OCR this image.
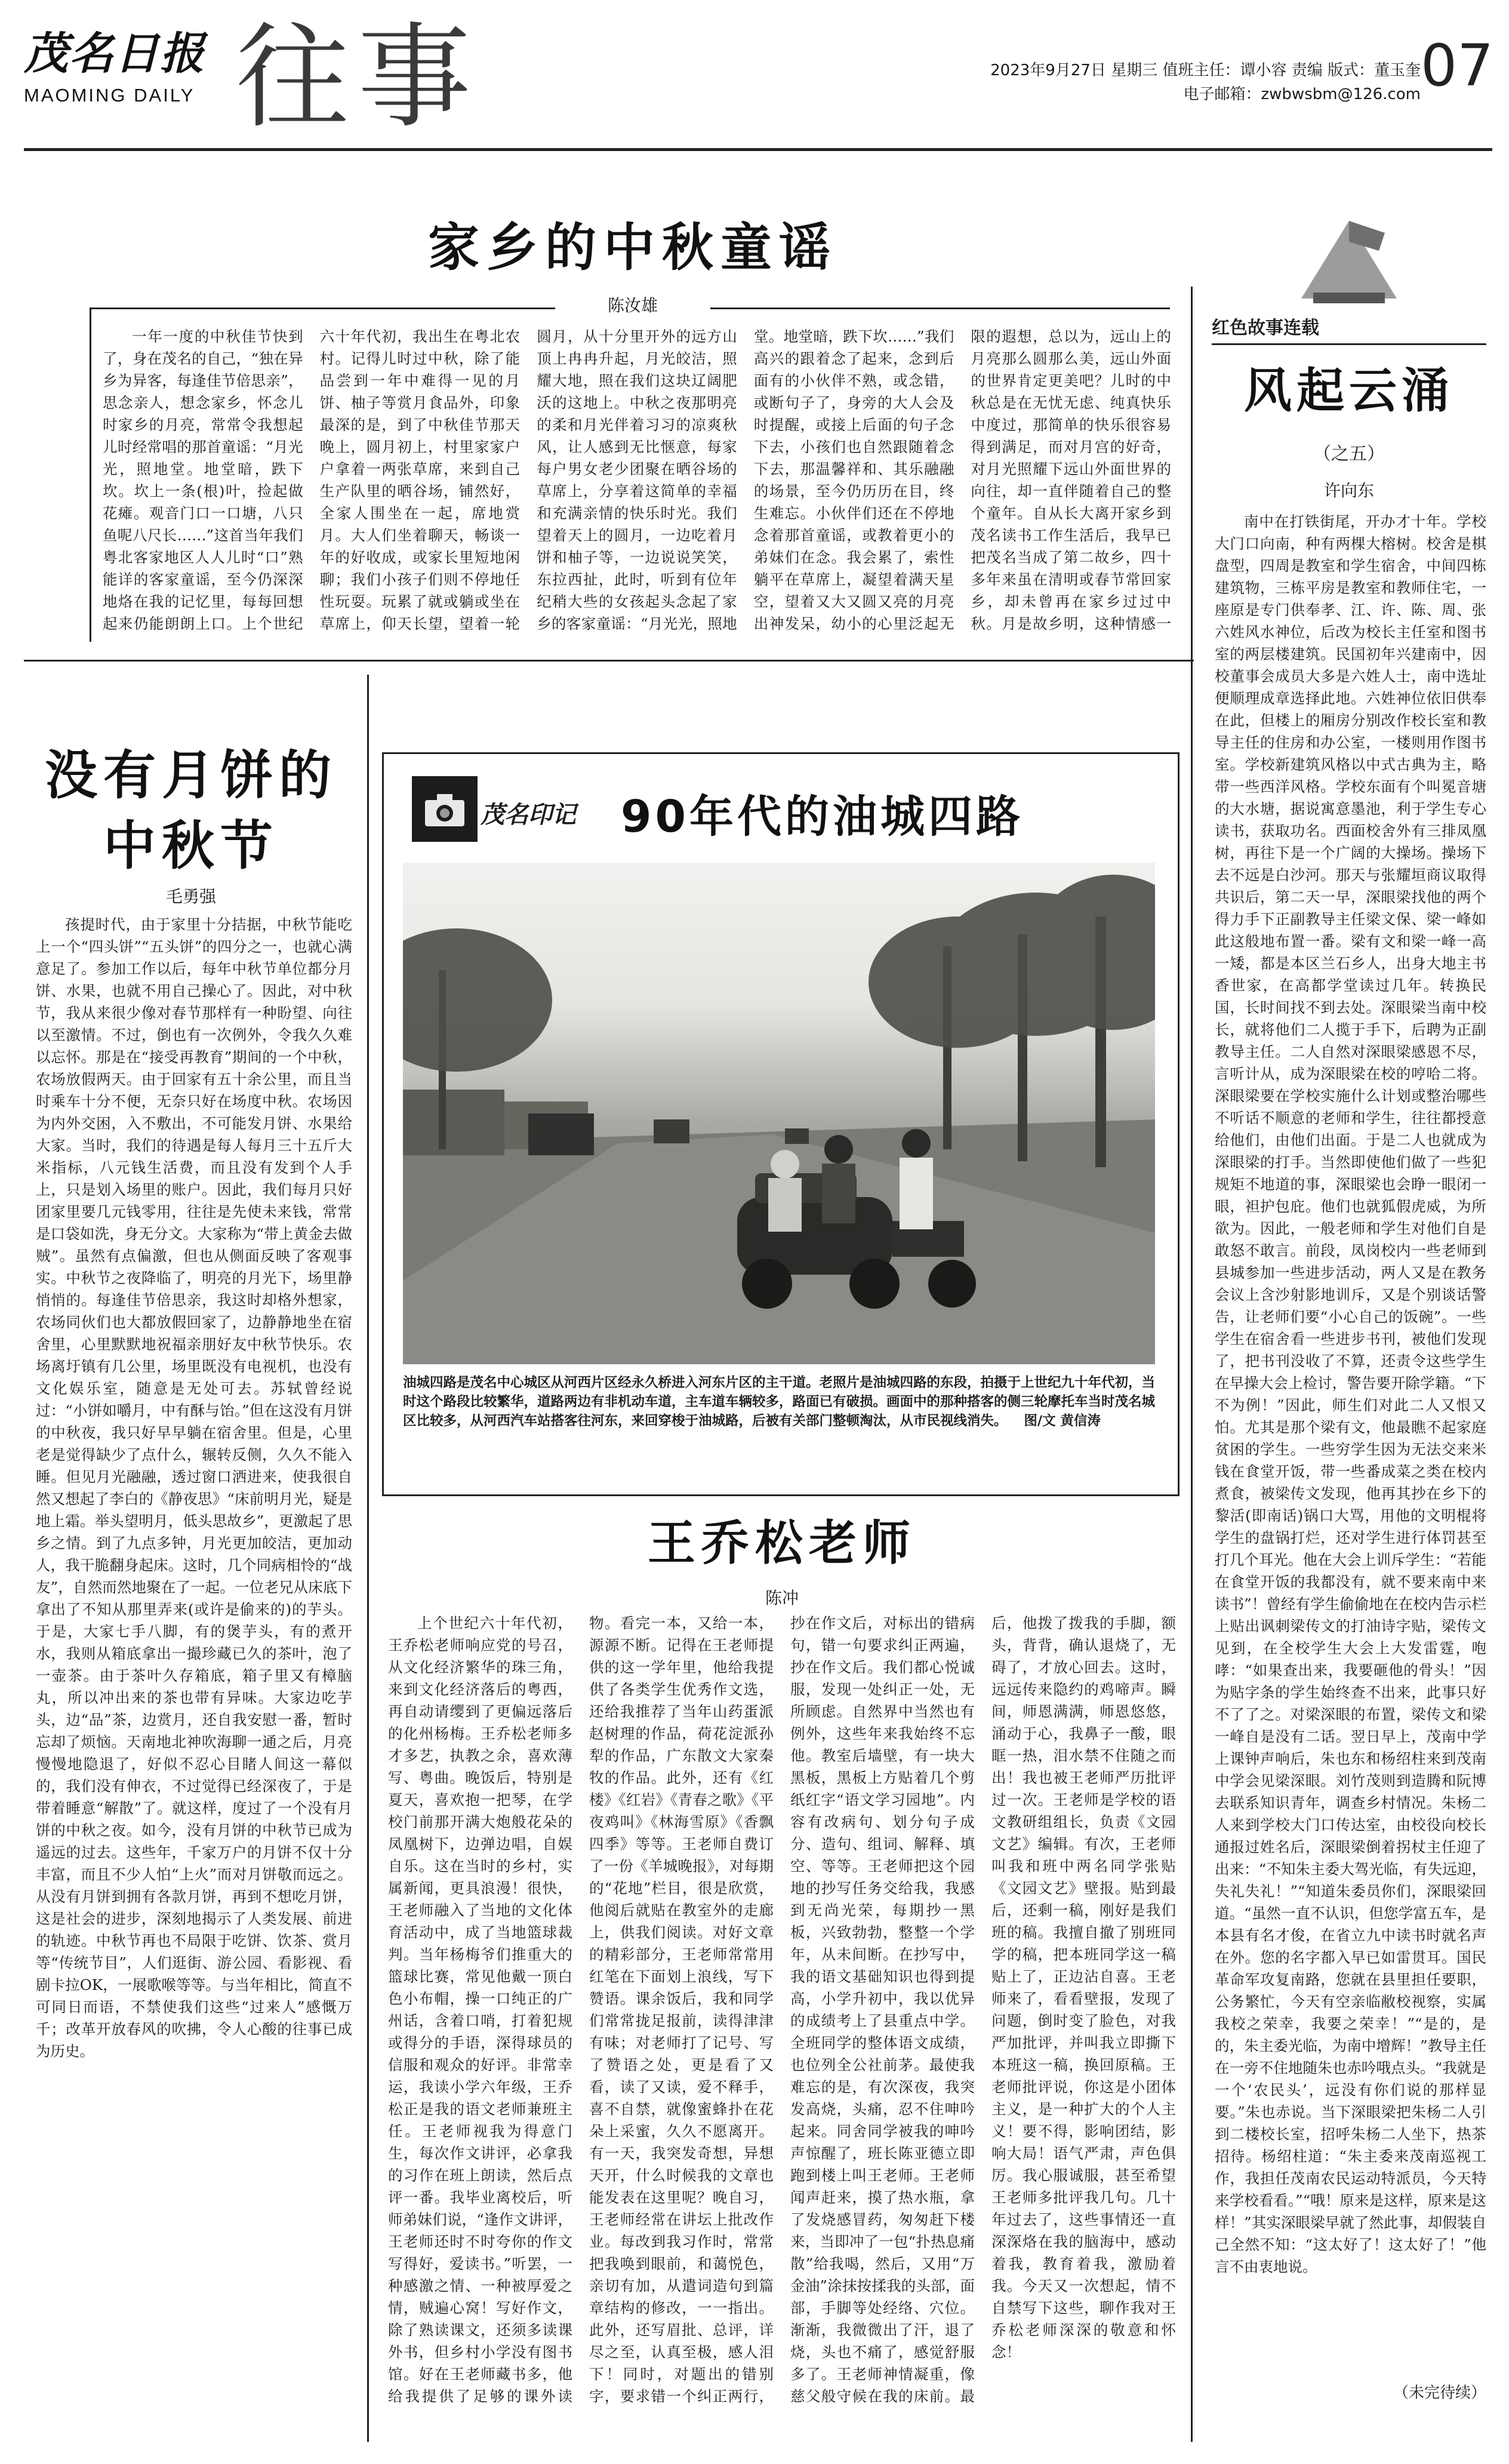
茂名日报
MAOMING DAILY 往事	2023年9月27日 星期三 值班主任：谭小容 责编 版式：董玉奎
电子邮箱：zwbwsbm@126.com 07
家乡的中秋童谣
陈汝雄

一年一度的中秋佳节快到了，身在茂名的自己，“独在异乡为异客，每逢佳节倍思亲”，思念亲人，想念家乡，怀念儿时家乡的月亮，常常令我想起儿时经常唱的那首童谣：“月光光，照地堂。地堂暗，跌下坎。坎上一条(根)叶，捡起做花瘫。观音门口一口塘，八只鱼呢八尺长……”这首当年我们粤北客家地区人人儿时“口”熟能详的客家童谣，至今仍深深地烙在我的记忆里，每每回想起来仍能朗朗上口。上个世纪六十年代初，我出生在粤北农村。记得儿时过中秋，除了能品尝到一年中难得一见的月饼、柚子等赏月食品外，印象最深的是，到了中秋佳节那天晚上，圆月初上，村里家家户户拿着一两张草席，来到自己生产队里的晒谷场，铺然好，全家人围坐在一起，席地赏月。大人们坐着聊天，畅谈一年的好收成，或家长里短地闲聊；我们小孩子们则不停地任性玩耍。玩累了就或躺或坐在草席上，仰天长望，望着一轮圆月，从十分里开外的远方山顶上冉冉升起，月光皎洁，照耀大地，照在我们这块辽阔肥沃的这地上。中秋之夜那明亮的柔和月光伴着习习的凉爽秋风，让人感到无比惬意，每家每户男女老少团聚在晒谷场的草席上，分享着这简单的幸福和充满亲情的快乐时光。我们望着天上的圆月，一边吃着月饼和柚子等，一边说说笑笑，东拉西扯，此时，听到有位年纪稍大些的女孩起头念起了家乡的客家童谣：“月光光，照地堂。地堂暗，跌下坎……”我们高兴的跟着念了起来，念到后面有的小伙伴不熟，或念错，或断句子了，身旁的大人会及时提醒，或接上后面的句子念下去，小孩们也自然跟随着念下去，那温馨祥和、其乐融融的场景，至今仍历历在目，终生难忘。小伙伴们还在不停地念着那首童谣，或教着更小的弟妹们在念。我会累了，索性躺平在草席上，凝望着满天星空，望着又大又圆又亮的月亮出神发呆，幼小的心里泛起无限的遐想，总以为，远山上的月亮那么圆那么美，远山外面的世界肯定更美吧？儿时的中秋总是在无忧无虑、纯真快乐中度过，那简单的快乐很容易得到满足，而对月宫的好奇，对月光照耀下远山外面世界的向往，却一直伴随着自己的整个童年。自从长大离开家乡到茂名读书工作生活后，我早已把茂名当成了第二故乡，四十多年来虽在清明或春节常回家乡，却未曾再在家乡过过中秋。月是故乡明，这种情感一

没有月饼的中秋节
毛勇强

孩提时代，由于家里十分拮据，中秋节能吃上一个“四头饼”“五头饼”的四分之一，也就心满意足了。参加工作以后，每年中秋节单位都分月饼、水果，也就不用自己操心了。因此，对中秋节，我从来很少像对春节那样有一种盼望、向往以至激情。不过，倒也有一次例外，令我久久难以忘怀。那是在“接受再教育”期间的一个中秋，农场放假两天。由于回家有五十余公里，而且当时乘车十分不便，无奈只好在场度中秋。农场因为内外交困，入不敷出，不可能发月饼、水果给大家。当时，我们的待遇是每人每月三十五斤大米指标，八元钱生活费，而且没有发到个人手上，只是划入场里的账户。因此，我们每月只好团家里要几元钱零用，往往是先使未来钱，常常是口袋如洗，身无分文。大家称为“带上黄金去做贼”。虽然有点偏激，但也从侧面反映了客观事实。中秋节之夜降临了，明亮的月光下，场里静悄悄的。每逢佳节倍思亲，我这时却格外想家，农场同伙们也大都放假回家了，边静静地坐在宿舍里，心里默默地祝福亲朋好友中秋节快乐。农场离圩镇有几公里，场里既没有电视机，也没有文化娱乐室，随意是无处可去。苏轼曾经说过：“小饼如嚼月，中有酥与饴。”但在这没有月饼的中秋夜，我只好早早躺在宿舍里。但是，心里老是觉得缺少了点什么，辗转反侧，久久不能入睡。但见月光融融，透过窗口洒进来，使我很自然又想起了李白的《静夜思》“床前明月光，疑是地上霜。举头望明月，低头思故乡”，更激起了思乡之情。到了九点多钟，月光更加皎洁，更加动人，我干脆翻身起床。这时，几个同病相怜的“战友”，自然而然地聚在了一起。一位老兄从床底下拿出了不知从那里弄来(或许是偷来的)的芋头。于是，大家七手八脚，有的煲芋头，有的煮开水，我则从箱底拿出一撮珍藏已久的茶叶，泡了一壶茶。由于茶叶久存箱底，箱子里又有樟脑丸，所以冲出来的茶也带有异味。大家边吃芋头，边“品”茶，边赏月，还自我安慰一番，暂时忘却了烦恼。天南地北神吹海聊一通之后，月亮慢慢地隐退了，好似不忍心目睹人间这一幕似的，我们没有伸衣，不过觉得已经深夜了，于是带着睡意“解散”了。就这样，度过了一个没有月饼的中秋之夜。如今，没有月饼的中秋节已成为遥远的过去。这些年，千家万户的月饼不仅十分丰富，而且不少人怕“上火”而对月饼敬而远之。从没有月饼到拥有各款月饼，再到不想吃月饼，这是社会的进步，深刻地揭示了人类发展、前进的轨迹。中秋节再也不局限于吃饼、饮茶、赏月等“传统节目”，人们逛街、游公园、看影视、看剧卡拉OK，一展歌喉等等。与当年相比，简直不可同日而语，不禁使我们这些“过来人”感慨万千；改革开放春风的吹拂，令人心酸的往事已成为历史。

茂名印记	90年代的油城四路
油城四路是茂名中心城区从河西片区经永久桥进入河东片区的主干道。老照片是油城四路的东段，拍摄于上世纪九十年代初，当时这个路段比较繁华，道路两边有非机动车道，主车道车辆较多，路面已有破损。画面中的那种搭客的侧三轮摩托车当时茂名城区比较多，从河西汽车站搭客往河东，来回穿梭于油城路，后被有关部门整顿淘汰，从市民视线消失。 图/文 黄信涛
王乔松老师
陈冲

上个世纪六十年代初，王乔松老师响应党的号召，从文化经济繁华的珠三角，来到文化经济落后的粤西，再自动请缨到了更偏远落后的化州杨梅。王乔松老师多才多艺，执教之余，喜欢薄写、粤曲。晚饭后，特别是夏天，喜欢抱一把琴，在学校门前那开满大炮般花朵的凤凰树下，边弹边唱，自娱自乐。这在当时的乡村，实属新闻，更具浪漫！很快，王老师融入了当地的文化体育活动中，成了当地篮球裁判。当年杨梅爷们推重大的篮球比赛，常见他戴一顶白色小布帽，操一口纯正的广州话，含着口哨，打着犯规或得分的手语，深得球员的信服和观众的好评。非常幸运，我读小学六年级，王乔松正是我的语文老师兼班主任。王老师视我为得意门生，每次作文讲评，必拿我的习作在班上朗读，然后点评一番。我毕业离校后，听师弟妹们说，“逢作文讲评，王老师还时不时夸你的作文写得好，爱读书。”听罢，一种感激之情、一种被厚爱之情，贼遍心窝！写好作文，除了熟读课文，还须多读课外书，但乡村小学没有图书馆。好在王老师藏书多，他给我提供了足够的课外读物。看完一本，又给一本，源源不断。记得在王老师提供的这一学年里，他给我提供了各类学生优秀作文选，还给我推荐了当年山药蛋派赵树理的作品，荷花淀派孙犁的作品，广东散文大家秦牧的作品。此外，还有《红楼》《红岩》《青春之歌》《平夜鸡叫》《林海雪原》《香飘四季》等等。王老师自费订了一份《羊城晚报》，对每期的“花地”栏目，很是欣赏，他阅后就贴在教室外的走廊上，供我们阅读。对好文章的精彩部分，王老师常常用红笔在下面划上浪线，写下赞语。课余饭后，我和同学们常常拢足报前，读得津津有味；对老师打了记号、写了赞语之处，更是看了又看，读了又读，爱不释手，喜不自禁，就像蜜蜂扑在花朵上采蜜，久久不愿离开。有一天，我突发奇想，异想天开，什么时候我的文章也能发表在这里呢？晚自习，王老师经常在讲坛上批改作业。每改到我习作时，常常把我唤到眼前，和蔼悦色，亲切有加，从遣词造句到篇章结构的修改，一一指出。此外，还写眉批、总评，详尽之至，认真至极，感人泪下！同时，对题出的错别字，要求错一个纠正两行，抄在作文后，对标出的错病句，错一句要求纠正两遍，抄在作文后。我们都心悦诚服，发现一处纠正一处，无所顾虑。自然界中当然也有例外，这些年来我始终不忘他。教室后墙壁，有一块大黑板，黑板上方贴着几个剪纸红字“语文学习园地”。内容有改病句、划分句子成分、造句、组词、解释、填空、等等。王老师把这个园地的抄写任务交给我，我感到无尚光荣，每期抄一黑板，兴致勃勃，整整一个学年，从未间断。在抄写中，我的语文基础知识也得到提高，小学升初中，我以优异的成绩考上了县重点中学。全班同学的整体语文成绩，也位列全公社前茅。最使我难忘的是，有次深夜，我突发高烧，头痛，忍不住呻吟起来。同舍同学被我的呻吟声惊醒了，班长陈亚德立即跑到楼上叫王老师。王老师闻声赶来，摸了热水瓶，拿了发烧感冒药，匆匆赶下楼来，当即冲了一包“扑热息痛散”给我喝，然后，又用“万金油”涂抹按揉我的头部，面部，手脚等处经络、穴位。渐渐，我微微出了汗，退了烧，头也不痛了，感觉舒服多了。王老师神情凝重，像慈父般守候在我的床前。最后，他拨了拨我的手脚，额头，背背，确认退烧了，无碍了，才放心回去。这时，远远传来隐约的鸡啼声。瞬间，师恩满满，师恩悠悠，涌动于心，我鼻子一酸，眼眶一热，泪水禁不住随之而出！我也被王老师严历批评过一次。王老师是学校的语文教研组组长，负责《文园文艺》编辑。有次，王老师叫我和班中两名同学张贴《文园文艺》壁报。贴到最后，还剩一稿，刚好是我们班的稿。我擅自撤了别班同学的稿，把本班同学这一稿贴上了，正边沾自喜。王老师来了，看看壁报，发现了问题，倒时变了脸色，对我严加批评，并叫我立即撕下本班这一稿，换回原稿。王老师批评说，你这是小团体主义，是一种扩大的个人主义！要不得，影响团结，影响大局！语气严肃，声色俱厉。我心服诚服，甚至希望王老师多批评我几句。几十年过去了，这些事情还一直深深烙在我的脑海中，感动着我，教育着我，激励着我。今天又一次想起，情不自禁写下这些，聊作我对王乔松老师深深的敬意和怀念！

红色故事连载
风起云涌
（之五）
许向东

南中在打铁街尾，开办才十年。学校大门口向南，种有两棵大榕树。校舍是棋盘型，四周是教室和学生宿舍，中间四栋建筑物，三栋平房是教室和教师住宅，一座原是专门供奉孝、江、许、陈、周、张六姓风水神位，后改为校长主任室和图书室的两层楼建筑。民国初年兴建南中，因校董事会成员大多是六姓人士，南中选址便顺理成章选择此地。六姓神位依旧供奉在此，但楼上的厢房分别改作校长室和教导主任的住房和办公室，一楼则用作图书室。学校新建筑风格以中式古典为主，略带一些西洋风格。学校东面有个叫冕音塘的大水塘，据说寓意墨池，利于学生专心读书，获取功名。西面校舍外有三排凤凰树，再往下是一个广阔的大操场。操场下去不远是白沙河。那天与张耀垣商议取得共识后，第二天一早，深眼梁找他的两个得力手下正副教导主任梁文保、梁一峰如此这般地布置一番。梁有文和梁一峰一高一矮，都是本区兰石乡人，出身大地主书香世家，在高都学堂读过几年。转换民国，长时间找不到去处。深眼梁当南中校长，就将他们二人揽于手下，后聘为正副教导主任。二人自然对深眼梁感恩不尽，言听计从，成为深眼梁在校的哼哈二将。深眼梁要在学校实施什么计划或整治哪些不听话不顺意的老师和学生，往往都授意给他们，由他们出面。于是二人也就成为深眼梁的打手。当然即使他们做了一些犯规矩不地道的事，深眼梁也会睁一眼闭一眼，袒护包庇。他们也就狐假虎威，为所欲为。因此，一般老师和学生对他们自是敢怒不敢言。前段，凤岗校内一些老师到县城参加一些进步活动，两人又是在教务会议上含沙射影地训斥，又是个别谈话警告，让老师们要“小心自己的饭碗”。一些学生在宿舍看一些进步书刊，被他们发现了，把书刊没收了不算，还责令这些学生在早操大会上检讨，警告要开除学籍。“下不为例！”因此，师生们对此二人又恨又怕。尤其是那个梁有文，他最瞧不起家庭贫困的学生。一些穷学生因为无法交来米钱在食堂开饭，带一些番成菜之类在校内煮食，被梁传文发现，他再其抄在乡下的黎活(即南话)锅口大骂，用他的文明棍将学生的盘锅打烂，还对学生进行体罚甚至打几个耳光。他在大会上训斥学生：“若能在食堂开饭的我都没有，就不要来南中来读书”！曾经有学生偷偷地在在校内告示栏上贴出讽刺梁传文的打油诗字贴，梁传文见到，在全校学生大会上大发雷霆，咆哮：“如果查出来，我要砸他的骨头！”因为贴字条的学生始终查不出来，此事只好不了了之。对梁深眼的布置，梁传文和梁一峰自是没有二话。翌日早上，茂南中学上课钟声响后，朱也东和杨绍柱来到茂南中学会见梁深眼。刘竹茂则到造腾和阮博去联系知识青年，调查乡村情况。朱杨二人来到学校大门口传达室，由校役向校长通报过姓名后，深眼梁倒着拐杖主任迎了出来：“不知朱主委大驾光临，有失远迎，失礼失礼！”“知道朱委员你们，深眼梁回道。“虽然一直不认识，但您学富五车，是本县有名才俊，在省立九中读书时就名声在外。您的名字都入早已如雷贯耳。国民革命军攻复南路，您就在县里担任要职，公务繁忙，今天有空亲临敝校视察，实属我校之荣幸，我要之荣幸！”“是的，是的，朱主委光临，为南中增辉！”教导主任在一旁不住地随朱也赤吟哦点头。“我就是一个‘农民头’，远没有你们说的那样显要。”朱也赤说。当下深眼梁把朱杨二人引到二楼校长室，招呼朱杨二人坐下，热茶招待。杨绍柱道：“朱主委来茂南巡视工作，我担任茂南农民运动特派员，今天特来学校看看。”“哦！原来是这样，原来是这样！”其实深眼梁早就了然此事，却假装自己全然不知：“这太好了！这太好了！”他言不由衷地说。

（未完待续）
